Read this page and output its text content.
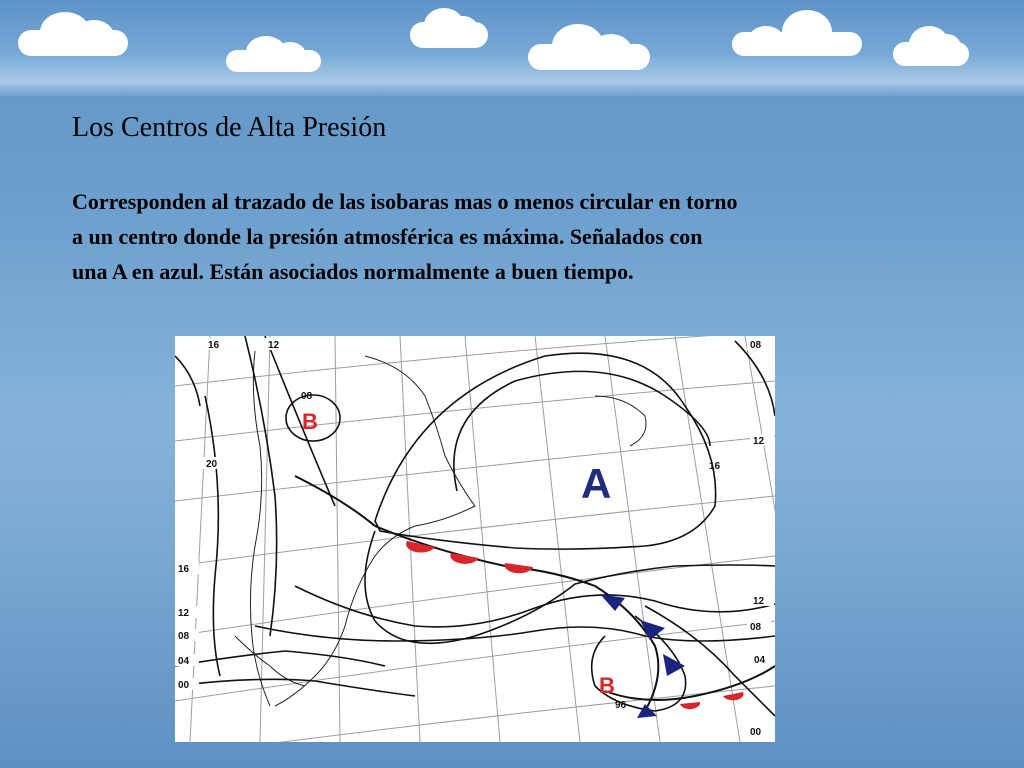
Los Centros de Alta Presión

Corresponden al trazado de las isobaras mas o menos circular en torno
a un centro donde la presión atmosférica es máxima. Señalados con
una A en azul. Están asociados normalmente a buen tiempo.

A
B
B
16	12	08
08
20
16
12
08
04
00
12
16
12
08
04
00
96
